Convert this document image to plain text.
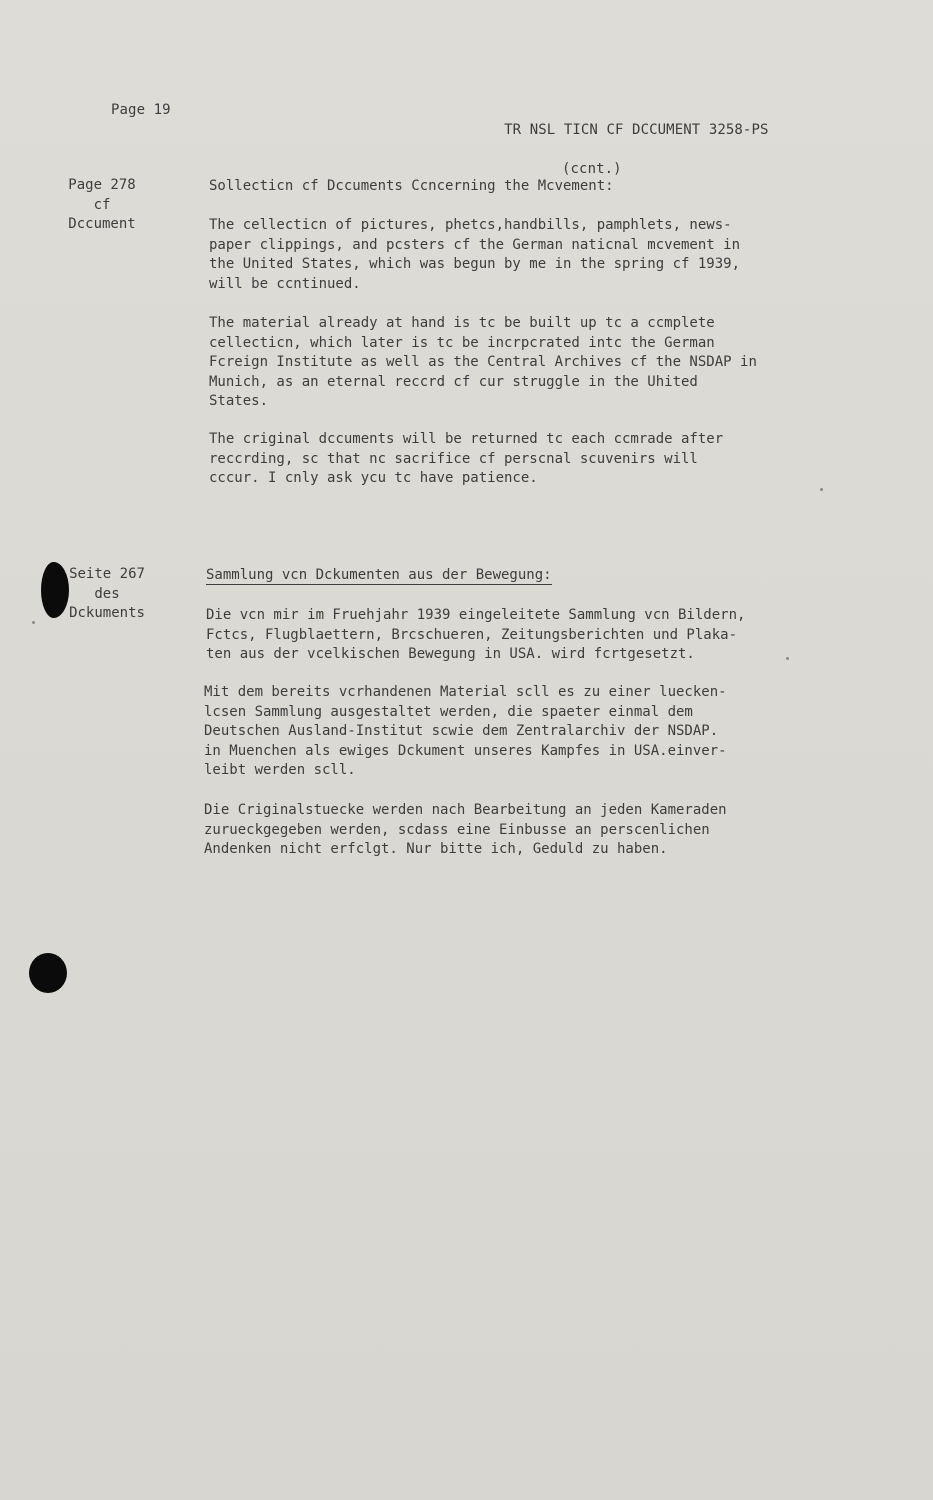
Page 19

TR NSL TICN CF DCCUMENT 3258-PS

(ccnt.)

Page 278
cf
Dccument
Sollecticn cf Dccuments Ccncerning the Mcvement:
The cellecticn of pictures, phetcs,handbills, pamphlets, news-
paper clippings, and pcsters cf the German naticnal mcvement in
the United States, which was begun by me in the spring cf 1939,
will be ccntinued.
The material already at hand is tc be built up tc a ccmplete
cellecticn, which later is tc be incrpcrated intc the German
Fcreign Institute as well as the Central Archives cf the NSDAP in
Munich, as an eternal reccrd cf cur struggle in the Uhited
States.
The criginal dccuments will be returned tc each ccmrade after
reccrding, sc that nc sacrifice cf perscnal scuvenirs will
cccur. I cnly ask ycu tc have patience.
Seite 267
des
Dckuments
Sammlung vcn Dckumenten aus der Bewegung:
Die vcn mir im Fruehjahr 1939 eingeleitete Sammlung vcn Bildern,
Fctcs, Flugblaettern, Brcschueren, Zeitungsberichten und Plaka-
ten aus der vcelkischen Bewegung in USA. wird fcrtgesetzt.
Mit dem bereits vcrhandenen Material scll es zu einer luecken-
lcsen Sammlung ausgestaltet werden, die spaeter einmal dem
Deutschen Ausland-Institut scwie dem Zentralarchiv der NSDAP.
in Muenchen als ewiges Dckument unseres Kampfes in USA.einver-
leibt werden scll.
Die Criginalstuecke werden nach Bearbeitung an jeden Kameraden
zurueckgegeben werden, scdass eine Einbusse an perscenlichen
Andenken nicht erfclgt. Nur bitte ich, Geduld zu haben.
